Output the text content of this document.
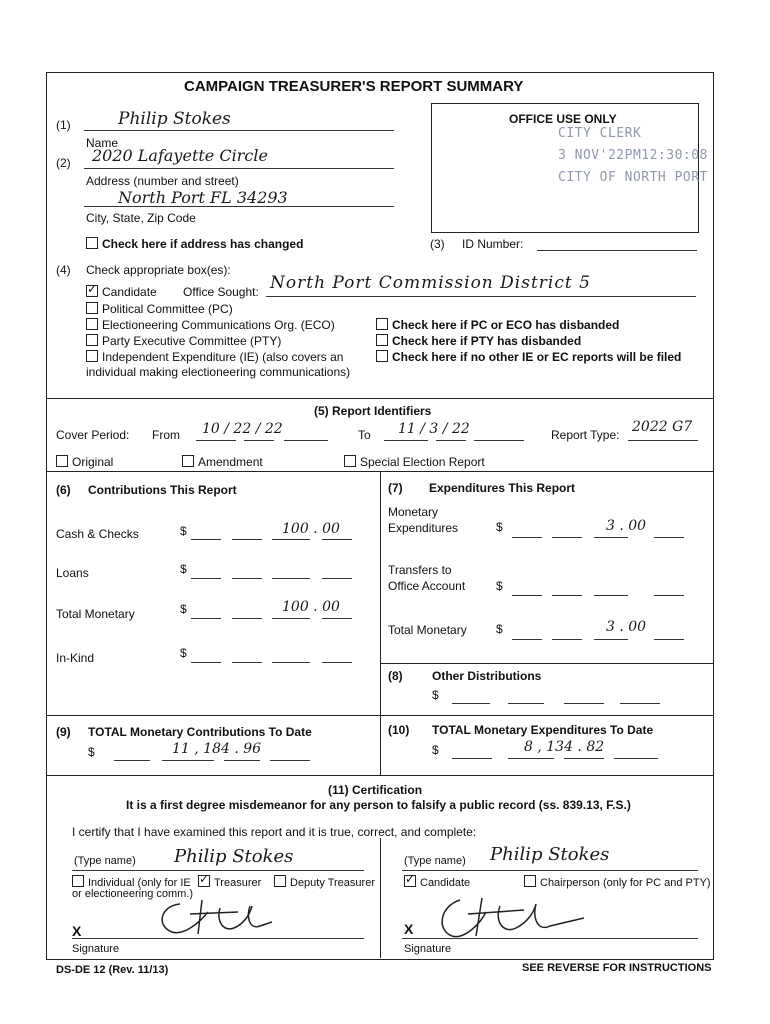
CAMPAIGN TREASURER'S REPORT SUMMARY
(1)	Philip Stokes
Name
(2) 2020 Lafayette Circle
Address (number and street)
North Port FL 34293
City, State, Zip Code
Check here if address has changed
OFFICE USE ONLY
CITY CLERK
3 NOV'22PM12:30:08
CITY OF NORTH PORT
(3) ID Number:
(4) Check appropriate box(es):
✓Candidate Office Sought: North Port Commission District 5
Political Committee (PC)
Electioneering Communications Org. (ECO)
Party Executive Committee (PTY)
Independent Expenditure (IE) (also covers an
individual making electioneering communications)
Check here if PC or ECO has disbanded
Check here if PTY has disbanded
Check here if no other IE or EC reports will be filed
(5) Report Identifiers
Cover Period: From 10 / 22 / 22	To 11 / 3 / 22	Report Type: 2022 G7
Original	Amendment	Special Election Report
(6) Contributions This Report
Cash & Checks	$	100 . 00
Loans	$
Total Monetary	$	100 . 00
In-Kind	$
(7) Expenditures This Report
Monetary
Expenditures	$	3 . 00
Transfers to
Office Account	$
Total Monetary $	3 . 00
(8) Other Distributions
$
(9) TOTAL Monetary Contributions To Date
$	11 , 184 . 96
(10) TOTAL Monetary Expenditures To Date
$	8 , 134 . 82
(11) Certification
It is a first degree misdemeanor for any person to falsify a public record (ss. 839.13, F.S.)
I certify that I have examined this report and it is true, correct, and complete:
(Type name) Philip Stokes
Individual (only for IE
or electioneering comm.)
✓Treasurer	Deputy Treasurer
X
Signature
(Type name) Philip Stokes
✓Candidate	Chairperson (only for PC and PTY)
X
Signature
DS-DE 12 (Rev. 11/13)	SEE REVERSE FOR INSTRUCTIONS
